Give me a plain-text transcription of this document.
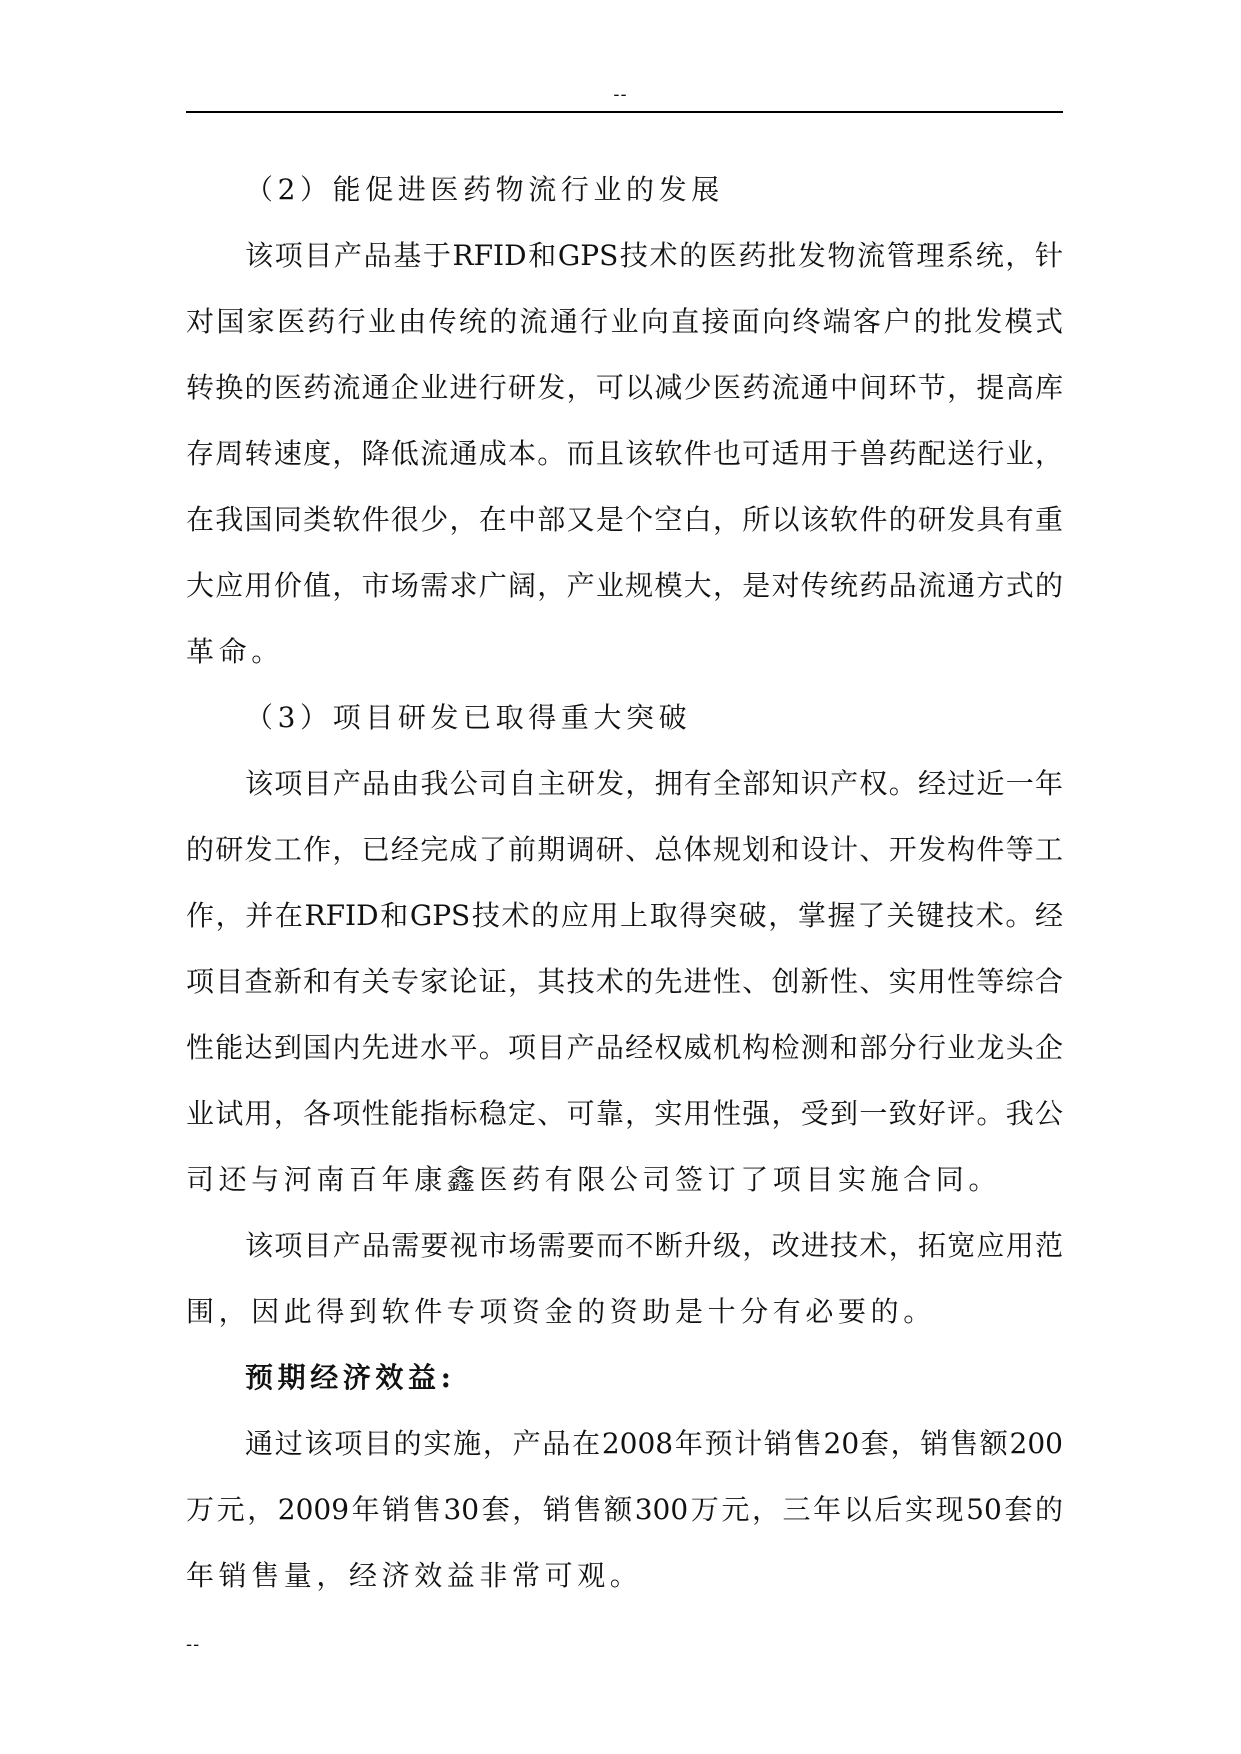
--
（2）能促进医药物流行业的发展
该项目产品基于RFID和GPS技术的医药批发物流管理系统，针
对国家医药行业由传统的流通行业向直接面向终端客户的批发模式
转换的医药流通企业进行研发，可以减少医药流通中间环节，提高库
存周转速度，降低流通成本。而且该软件也可适用于兽药配送行业，
在我国同类软件很少，在中部又是个空白，所以该软件的研发具有重
大应用价值，市场需求广阔，产业规模大，是对传统药品流通方式的
革命。
（3）项目研发已取得重大突破
该项目产品由我公司自主研发，拥有全部知识产权。经过近一年
的研发工作，已经完成了前期调研、总体规划和设计、开发构件等工
作，并在RFID和GPS技术的应用上取得突破，掌握了关键技术。经
项目查新和有关专家论证，其技术的先进性、创新性、实用性等综合
性能达到国内先进水平。项目产品经权威机构检测和部分行业龙头企
业试用，各项性能指标稳定、可靠，实用性强，受到一致好评。我公
司还与河南百年康鑫医药有限公司签订了项目实施合同。
该项目产品需要视市场需要而不断升级，改进技术，拓宽应用范
围，因此得到软件专项资金的资助是十分有必要的。
预期经济效益:
通过该项目的实施，产品在2008年预计销售20套，销售额200
万元，2009年销售30套，销售额300万元，三年以后实现50套的
年销售量，经济效益非常可观。
--
